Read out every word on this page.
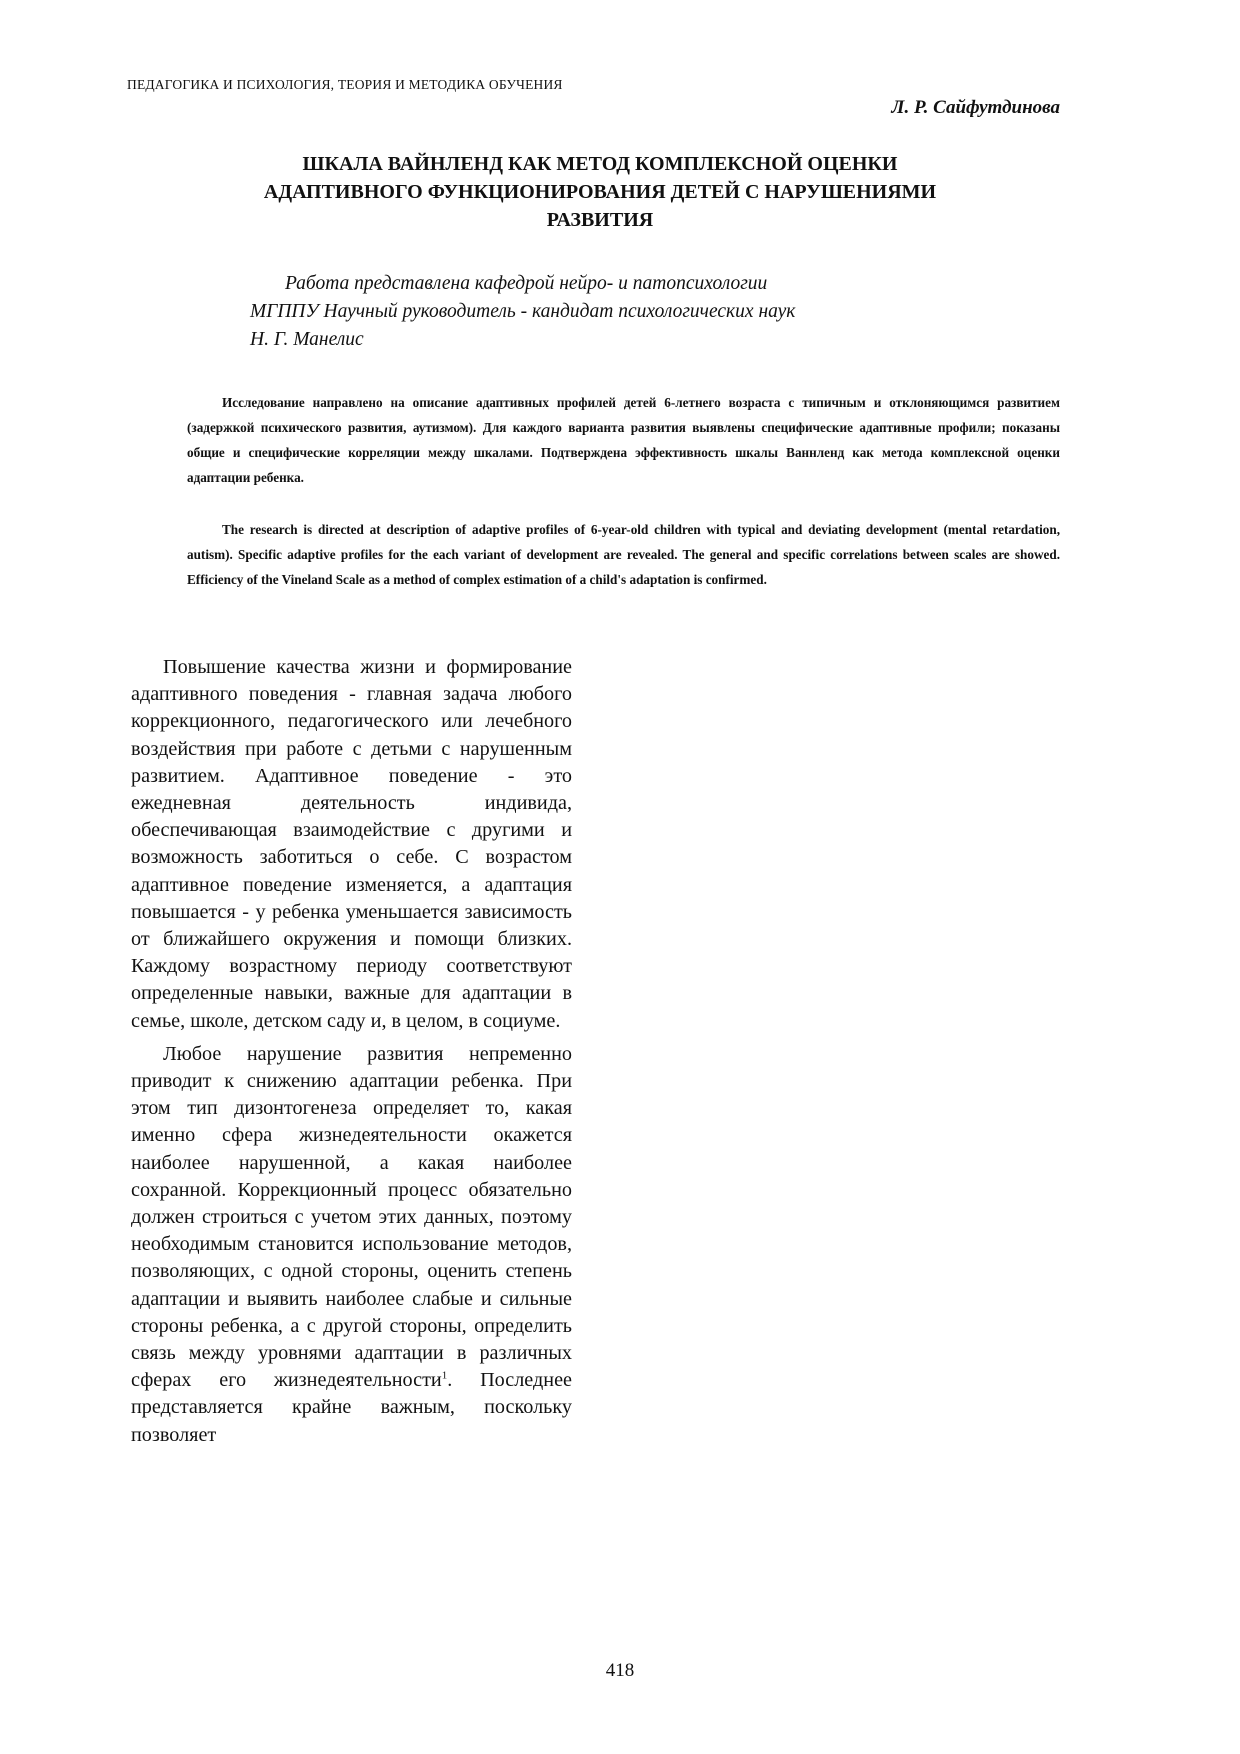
ПЕДАГОГИКА И ПСИХОЛОГИЯ, ТЕОРИЯ И МЕТОДИКА ОБУЧЕНИЯ
Л. Р. Сайфутдинова
ШКАЛА ВАЙНЛЕНД КАК МЕТОД КОМПЛЕКСНОЙ ОЦЕНКИ
АДАПТИВНОГО ФУНКЦИОНИРОВАНИЯ ДЕТЕЙ С НАРУШЕНИЯМИ
РАЗВИТИЯ
Работа представлена кафедрой нейро- и патопсихологии
МГППУ Научный руководитель - кандидат психологических наук
Н. Г. Манелис

Исследование направлено на описание адаптивных профилей детей 6-летнего возраста с типичным и отклоняющимся развитием (задержкой психического развития, аутизмом). Для каждого варианта развития выявлены специфические адаптивные профили; показаны общие и специфические корреляции между шкалами. Подтверждена эффективность шкалы Ваннленд как метода комплексной оценки адаптации ребенка.

The research is directed at description of adaptive profiles of 6-year-old children with typical and deviating development (mental retardation, autism). Specific adaptive profiles for the each variant of development are revealed. The general and specific correlations between scales are showed. Efficiency of the Vineland Scale as a method of complex estimation of a child's adaptation is confirmed.

Повышение качества жизни и формирование адаптивного поведения - главная задача любого коррекционного, педагогического или лечебного воздействия при работе с детьми с нарушенным развитием. Адаптивное поведение - это ежедневная деятельность индивида, обеспечивающая взаимодействие с другими и возможность заботиться о себе. С возрастом адаптивное поведение изменяется, а адаптация повышается - у ребенка уменьшается зависимость от ближайшего окружения и помощи близких. Каждому возрастному периоду соответствуют определенные навыки, важные для адаптации в семье, школе, детском саду и, в целом, в социуме.

Любое нарушение развития непременно приводит к снижению адаптации ребенка. При этом тип дизонтогенеза определяет то, какая именно сфера жизнедеятельности окажется наиболее нарушенной, а какая наиболее сохранной. Коррекционный процесс обязательно должен строиться с учетом этих данных, поэтому необходимым становится использование методов, позволяющих, с одной стороны, оценить степень адаптации и выявить наиболее слабые и сильные стороны ребенка, а с другой стороны, определить связь между уровнями адаптации в различных сферах его жизнедеятельности$^1$. Последнее представляется крайне важным, поскольку позволяет

418
